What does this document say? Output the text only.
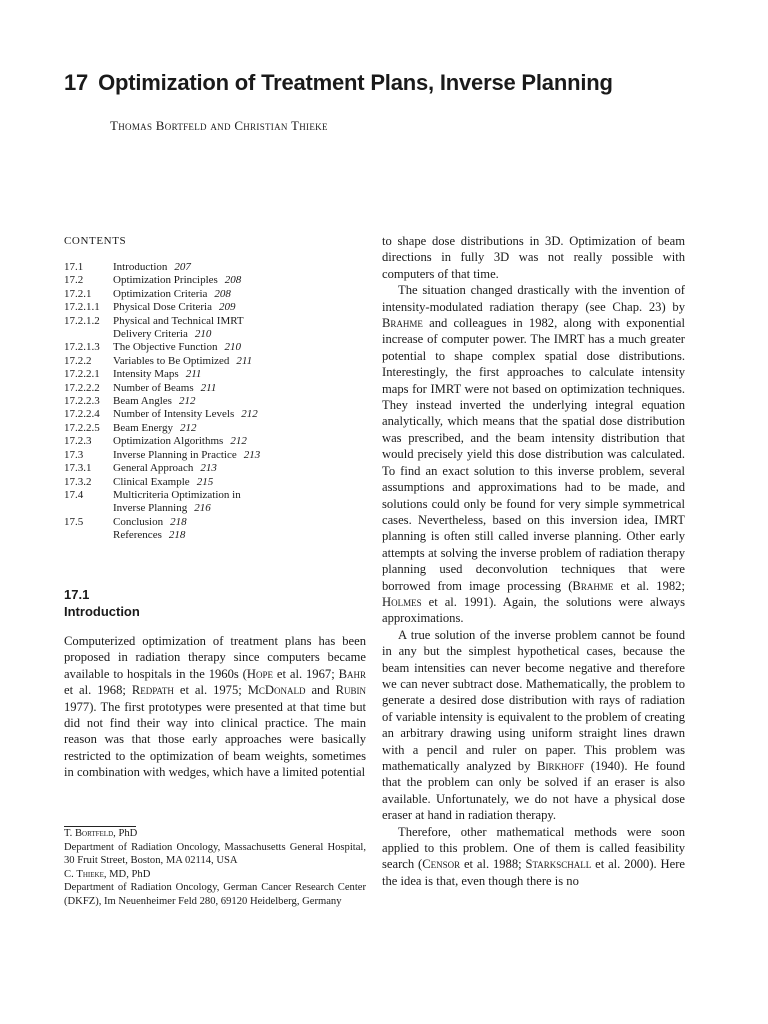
17 Optimization of Treatment Plans, Inverse Planning
Thomas Bortfeld and Christian Thieke
CONTENTS
17.1	Introduction 207
17.2	Optimization Principles 208
17.2.1	Optimization Criteria 208
17.2.1.1	Physical Dose Criteria 209
17.2.1.2	Physical and Technical IMRT
Delivery Criteria 210
17.2.1.3	The Objective Function 210
17.2.2	Variables to Be Optimized 211
17.2.2.1	Intensity Maps 211
17.2.2.2	Number of Beams 211
17.2.2.3	Beam Angles 212
17.2.2.4	Number of Intensity Levels 212
17.2.2.5	Beam Energy 212
17.2.3	Optimization Algorithms 212
17.3	Inverse Planning in Practice 213
17.3.1	General Approach 213
17.3.2	Clinical Example 215
17.4	Multicriteria Optimization in
Inverse Planning 216
17.5	Conclusion 218
References 218
17.1
Introduction

Computerized optimization of treatment plans has been proposed in radiation therapy since computers became available to hospitals in the 1960s (Hope et al. 1967; Bahr et al. 1968; Redpath et al. 1975; McDonald and Rubin 1977). The first prototypes were presented at that time but did not find their way into clinical practice. The main reason was that those early approaches were basically restricted to the optimization of beam weights, sometimes in combination with wedges, which have a limited potential

T. Bortfeld, PhD

Department of Radiation Oncology, Massachusetts General Hospital, 30 Fruit Street, Boston, MA 02114, USA

C. Thieke, MD, PhD

Department of Radiation Oncology, German Cancer Research Center (DKFZ), Im Neuenheimer Feld 280, 69120 Heidelberg, Germany

to shape dose distributions in 3D. Optimization of beam directions in fully 3D was not really possible with computers of that time.

The situation changed drastically with the invention of intensity-modulated radiation therapy (see Chap. 23) by Brahme and colleagues in 1982, along with exponential increase of computer power. The IMRT has a much greater potential to shape complex spatial dose distributions. Interestingly, the first approaches to calculate intensity maps for IMRT were not based on optimization techniques. They instead inverted the underlying integral equation analytically, which means that the spatial dose distribution was prescribed, and the beam intensity distribution that would precisely yield this dose distribution was calculated. To find an exact solution to this inverse problem, several assumptions and approximations had to be made, and solutions could only be found for very simple symmetrical cases. Nevertheless, based on this inversion idea, IMRT planning is often still called inverse planning. Other early attempts at solving the inverse problem of radiation therapy planning used deconvolution techniques that were borrowed from image processing (Brahme et al. 1982; Holmes et al. 1991). Again, the solutions were always approximations.

A true solution of the inverse problem cannot be found in any but the simplest hypothetical cases, because the beam intensities can never become negative and therefore we can never subtract dose. Mathematically, the problem to generate a desired dose distribution with rays of radiation of variable intensity is equivalent to the problem of creating an arbitrary drawing using uniform straight lines drawn with a pencil and ruler on paper. This problem was mathematically analyzed by Birkhoff (1940). He found that the problem can only be solved if an eraser is also available. Unfortunately, we do not have a physical dose eraser at hand in radiation therapy.

Therefore, other mathematical methods were soon applied to this problem. One of them is called feasibility search (Censor et al. 1988; Starkschall et al. 2000). Here the idea is that, even though there is no
